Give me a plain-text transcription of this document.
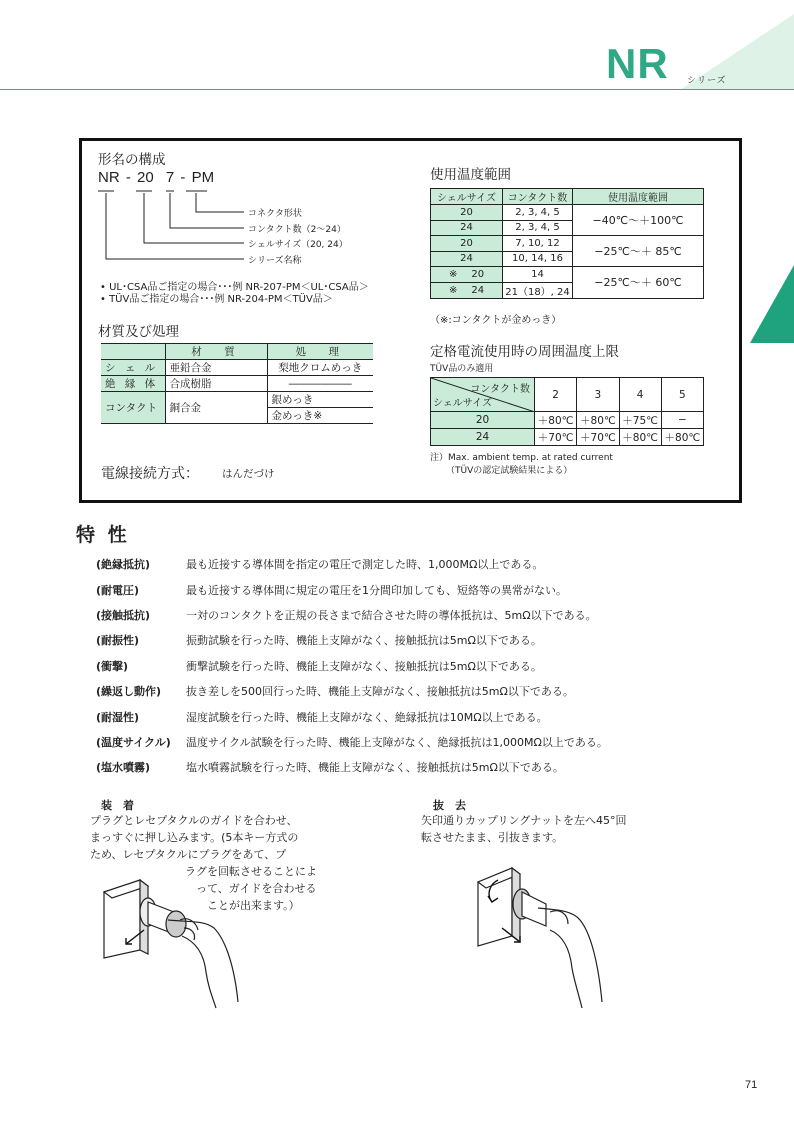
NR シリーズ
形名の構成
NR - 20 7 - PM
コネクタ形状
コンタクト数（2〜24）
シェルサイズ（20, 24）
シリーズ名称
• UL･CSA品ご指定の場合･･･例 NR-207-PM＜UL･CSA品＞
• TÜV品ご指定の場合･･･例 NR-204-PM＜TÜV品＞
材質及び処理
	材　質	処　理
シ ェ ル	亜鉛合金	梨地クロムめっき
絶 縁 体	合成樹脂	――――――
コンタクト	銅合金	銀めっき
		金めっき※
電線接続方式： はんだづけ
使用温度範囲
シェルサイズ	コンタクト数	使用温度範囲
20	2, 3, 4, 5	−40℃〜＋100℃
24	2, 3, 4, 5	
20	7, 10, 12	−25℃〜＋ 85℃
24	10, 14, 16	
※ 20	14	−25℃〜＋ 60℃
※ 24	21（18）, 24	
（※:コンタクトが金めっき）
定格電流使用時の周囲温度上限
TÜV品のみ適用
コンタクト数
シェルサイズ	2	3	4	5
20	＋80℃	＋80℃	＋75℃	−
24	＋70℃	＋70℃	＋80℃	＋80℃
注）Max. ambient temp. at rated current
（TÜVの認定試験結果による）
特 性
(絶縁抵抗)	最も近接する導体間を指定の電圧で測定した時、1,000MΩ以上である。
(耐電圧)	最も近接する導体間に規定の電圧を1分間印加しても、短絡等の異常がない。
(接触抵抗)	一対のコンタクトを正規の長さまで結合させた時の導体抵抗は、5mΩ以下である。
(耐振性)	振動試験を行った時、機能上支障がなく、接触抵抗は5mΩ以下である。
(衝撃)	衝撃試験を行った時、機能上支障がなく、接触抵抗は5mΩ以下である。
(繰返し動作) 抜き差しを500回行った時、機能上支障がなく、接触抵抗は5mΩ以下である。
(耐湿性)	湿度試験を行った時、機能上支障がなく、絶縁抵抗は10MΩ以上である。
(温度サイクル) 温度サイクル試験を行った時、機能上支障がなく、絶縁抵抗は1,000MΩ以上である。
(塩水噴霧)	塩水噴霧試験を行った時、機能上支障がなく、接触抵抗は5mΩ以下である。
装　着
プラグとレセプタクルのガイドを合わせ、
まっすぐに押し込みます。(5本キー方式の
ため、レセプタクルにプラグをあて、プ
ラグを回転させることによ
って、ガイドを合わせる
ことが出来ます。）
抜　去
矢印通りカップリングナットを左へ45°回
転させたまま、引抜きます。
71
